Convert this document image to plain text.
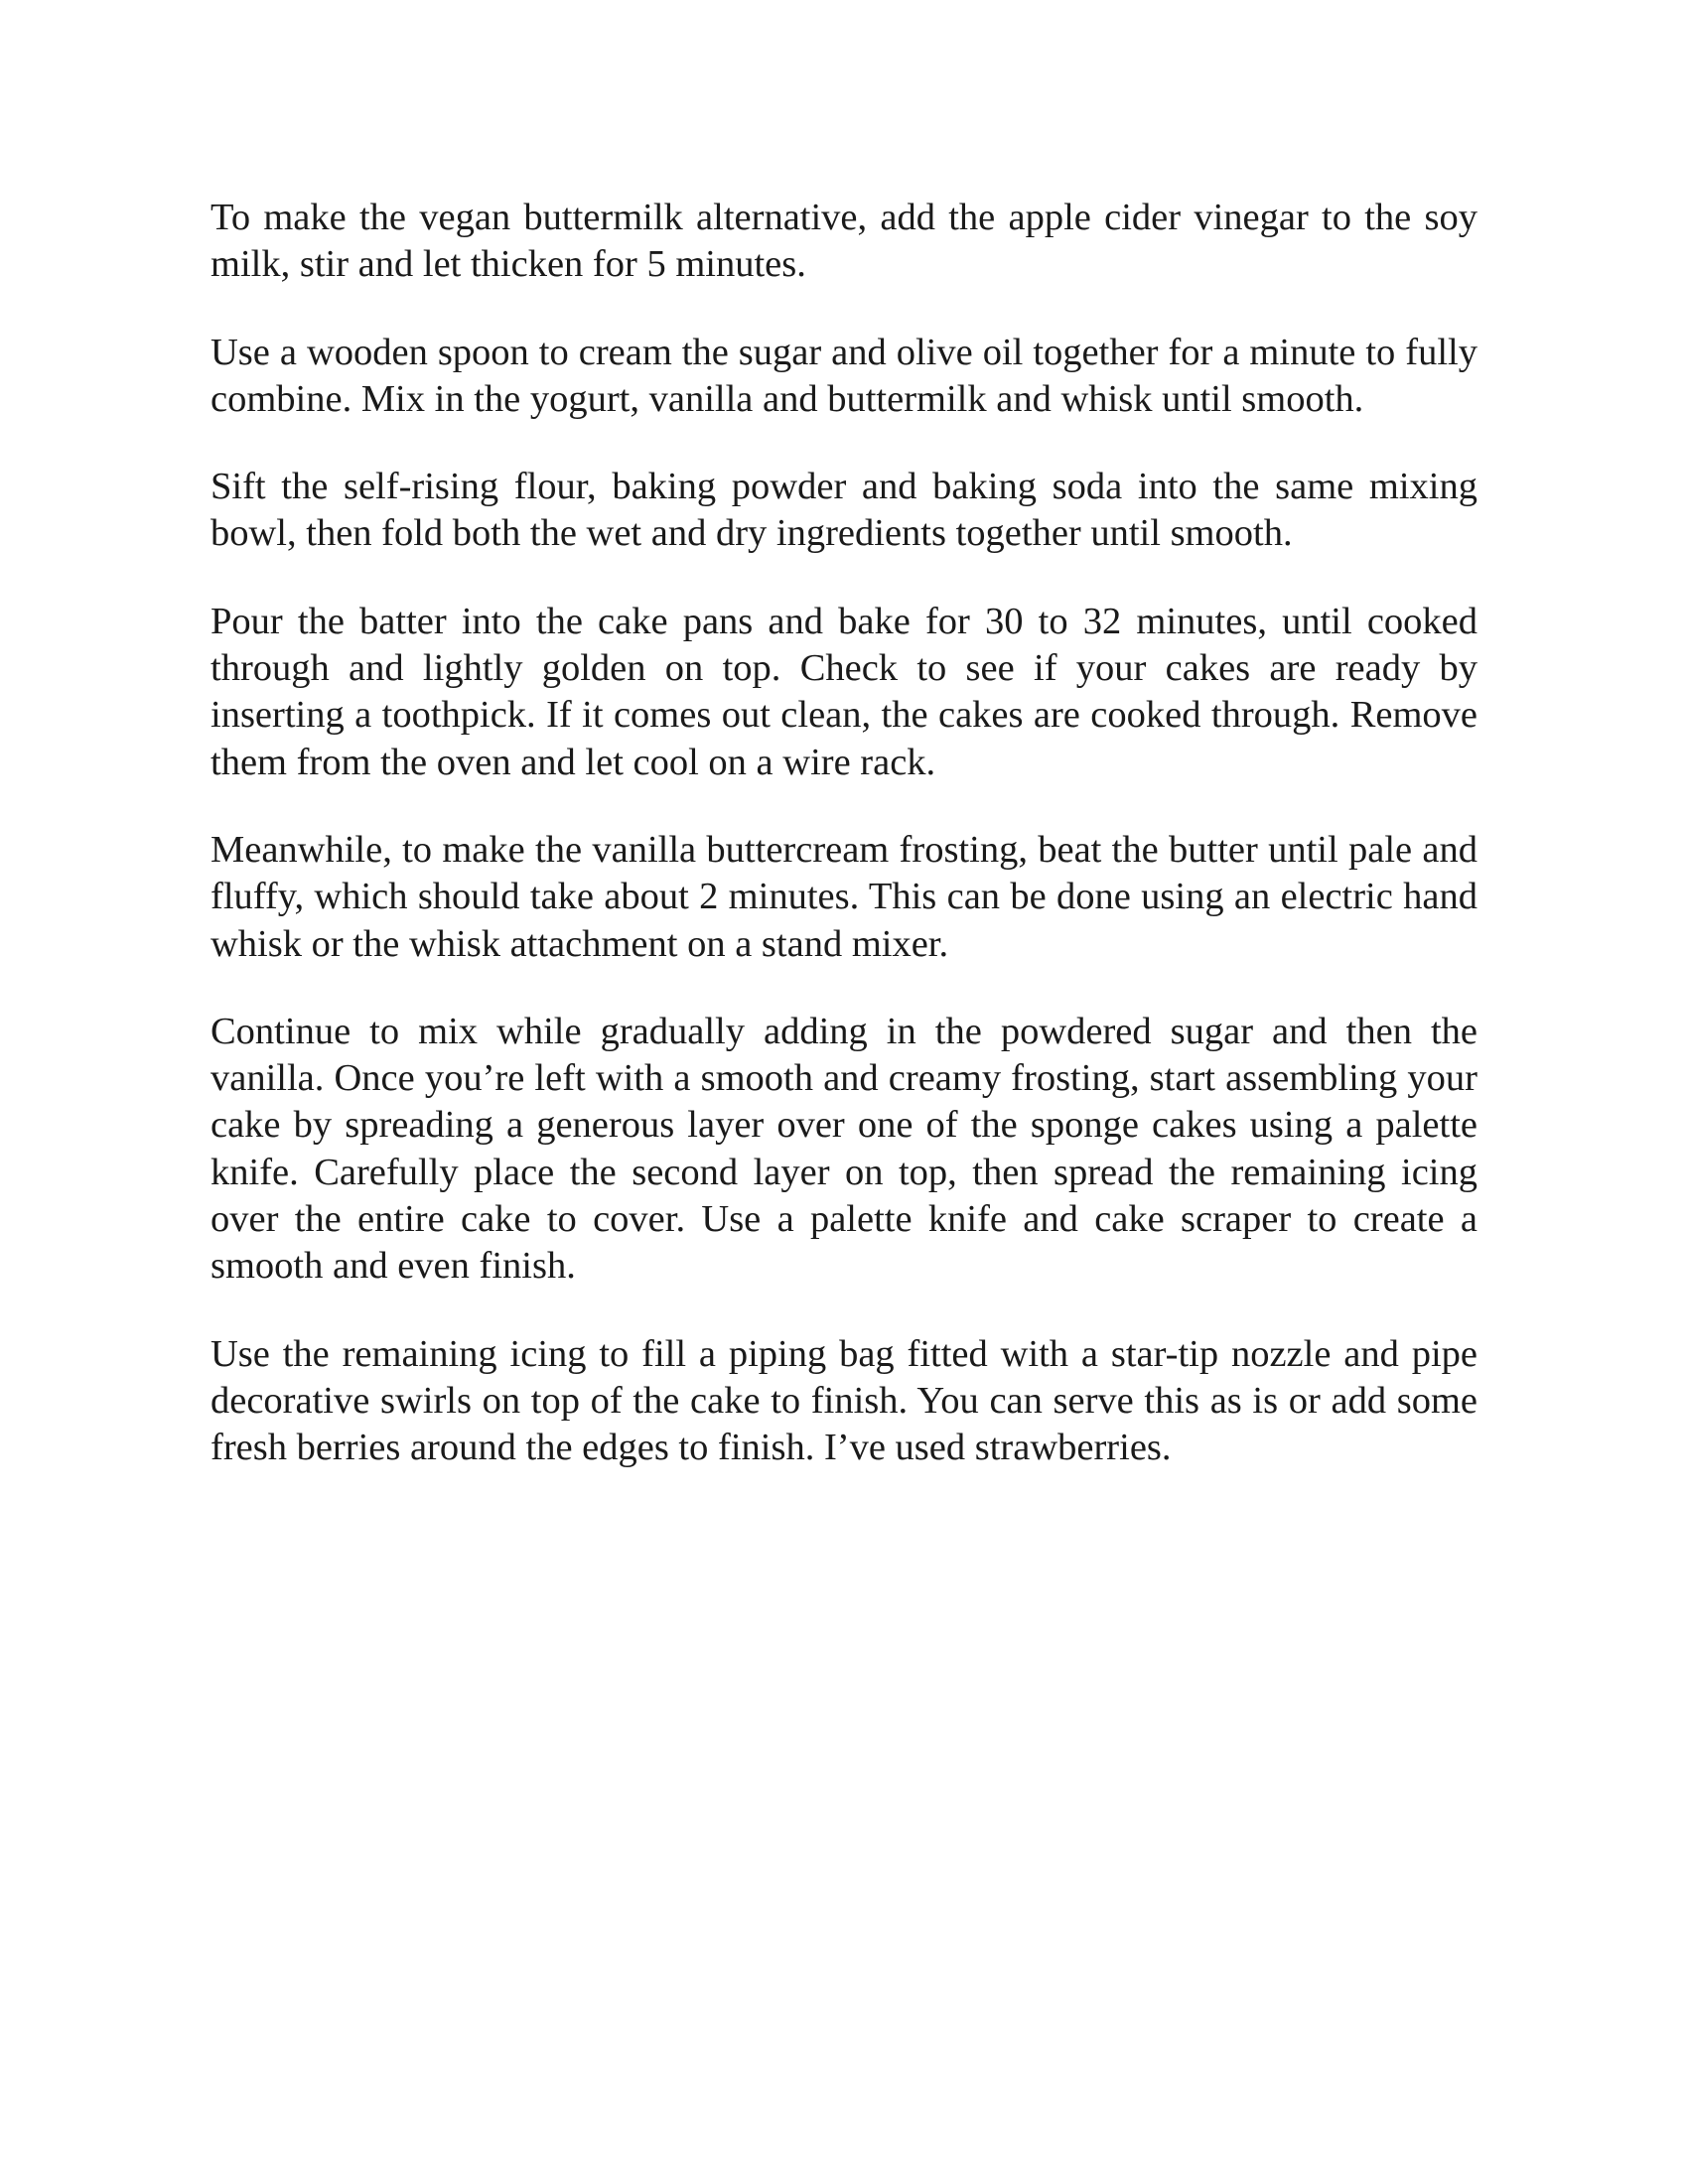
To make the vegan buttermilk alternative, add the apple cider vinegar to the soy milk, stir and let thicken for 5 minutes.

Use a wooden spoon to cream the sugar and olive oil together for a minute to fully combine. Mix in the yogurt, vanilla and buttermilk and whisk until smooth.

Sift the self-rising flour, baking powder and baking soda into the same mixing bowl, then fold both the wet and dry ingredients together until smooth.

Pour the batter into the cake pans and bake for 30 to 32 minutes, until cooked through and lightly golden on top. Check to see if your cakes are ready by inserting a toothpick. If it comes out clean, the cakes are cooked through. Remove them from the oven and let cool on a wire rack.

Meanwhile, to make the vanilla buttercream frosting, beat the butter until pale and fluffy, which should take about 2 minutes. This can be done using an electric hand whisk or the whisk attachment on a stand mixer.

Continue to mix while gradually adding in the powdered sugar and then the vanilla. Once you’re left with a smooth and creamy frosting, start assembling your cake by spreading a generous layer over one of the sponge cakes using a palette knife. Carefully place the second layer on top, then spread the remaining icing over the entire cake to cover. Use a palette knife and cake scraper to create a smooth and even finish.

Use the remaining icing to fill a piping bag fitted with a star-tip nozzle and pipe decorative swirls on top of the cake to finish. You can serve this as is or add some fresh berries around the edges to finish. I’ve used strawberries.
